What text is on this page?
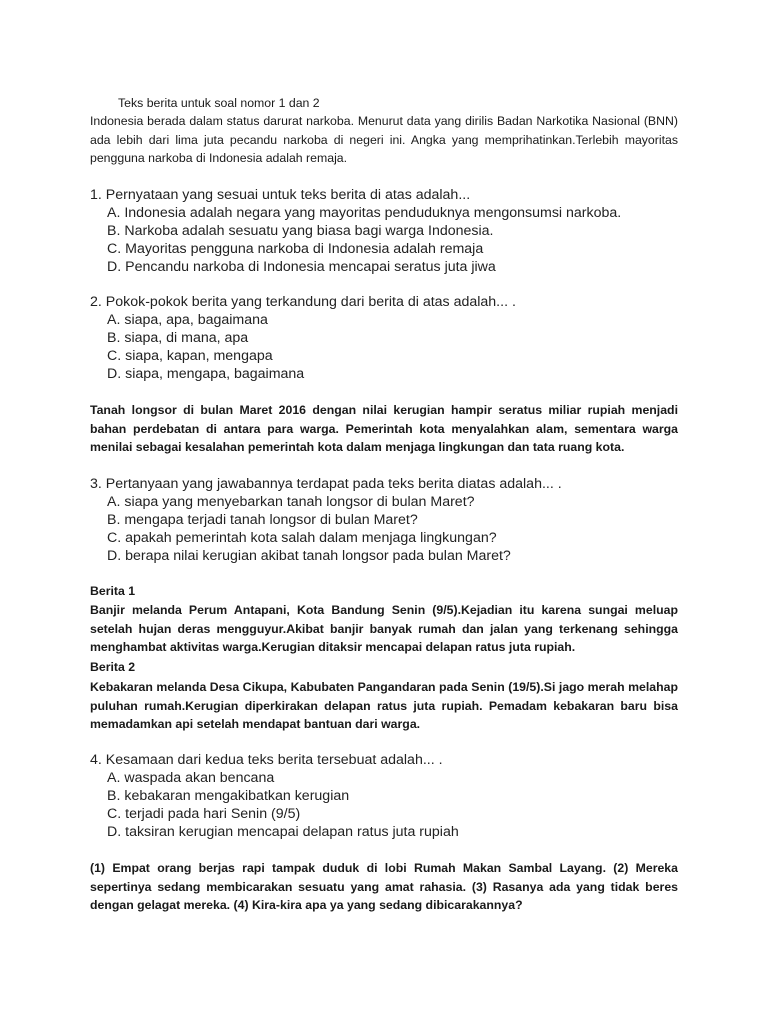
Teks berita untuk soal nomor 1 dan 2
Indonesia berada dalam status darurat narkoba. Menurut data yang dirilis Badan Narkotika Nasional (BNN) ada lebih dari lima juta pecandu narkoba di negeri ini. Angka yang memprihatinkan.Terlebih mayoritas pengguna narkoba di Indonesia adalah remaja.
1. Pernyataan yang sesuai untuk teks berita di atas adalah...
A. Indonesia adalah negara yang mayoritas penduduknya mengonsumsi narkoba.
B. Narkoba adalah sesuatu yang biasa bagi warga Indonesia.
C. Mayoritas pengguna narkoba di Indonesia adalah remaja
D. Pencandu narkoba di Indonesia mencapai seratus juta jiwa
2. Pokok-pokok berita yang terkandung dari berita di atas adalah... .
A. siapa, apa, bagaimana
B. siapa, di mana, apa
C. siapa, kapan, mengapa
D. siapa, mengapa, bagaimana
Tanah longsor di bulan Maret 2016 dengan nilai kerugian hampir seratus miliar rupiah menjadi bahan perdebatan di antara para warga. Pemerintah kota menyalahkan alam, sementara warga menilai sebagai kesalahan pemerintah kota dalam menjaga lingkungan dan tata ruang kota.
3. Pertanyaan yang jawabannya terdapat pada teks berita diatas adalah... .
A. siapa yang menyebarkan tanah longsor di bulan Maret?
B. mengapa terjadi tanah longsor di bulan Maret?
C. apakah pemerintah kota salah dalam menjaga lingkungan?
D. berapa nilai kerugian akibat tanah longsor pada bulan Maret?
Berita 1
Banjir melanda Perum Antapani, Kota Bandung Senin (9/5).Kejadian itu karena sungai meluap setelah hujan deras mengguyur.Akibat banjir banyak rumah dan jalan yang terkenang sehingga menghambat aktivitas warga.Kerugian ditaksir mencapai delapan ratus juta rupiah.
Berita 2
Kebakaran melanda Desa Cikupa, Kabubaten Pangandaran pada Senin (19/5).Si jago merah melahap puluhan rumah.Kerugian diperkirakan delapan ratus juta rupiah. Pemadam kebakaran baru bisa memadamkan api setelah mendapat bantuan dari warga.
4. Kesamaan dari kedua teks berita tersebuat adalah... .
A. waspada akan bencana
B. kebakaran mengakibatkan kerugian
C. terjadi pada hari Senin (9/5)
D. taksiran kerugian mencapai delapan ratus juta rupiah
(1) Empat orang berjas rapi tampak duduk di lobi Rumah Makan Sambal Layang. (2) Mereka sepertinya sedang membicarakan sesuatu yang amat rahasia. (3) Rasanya ada yang tidak beres dengan gelagat mereka. (4) Kira-kira apa ya yang sedang dibicarakannya?
